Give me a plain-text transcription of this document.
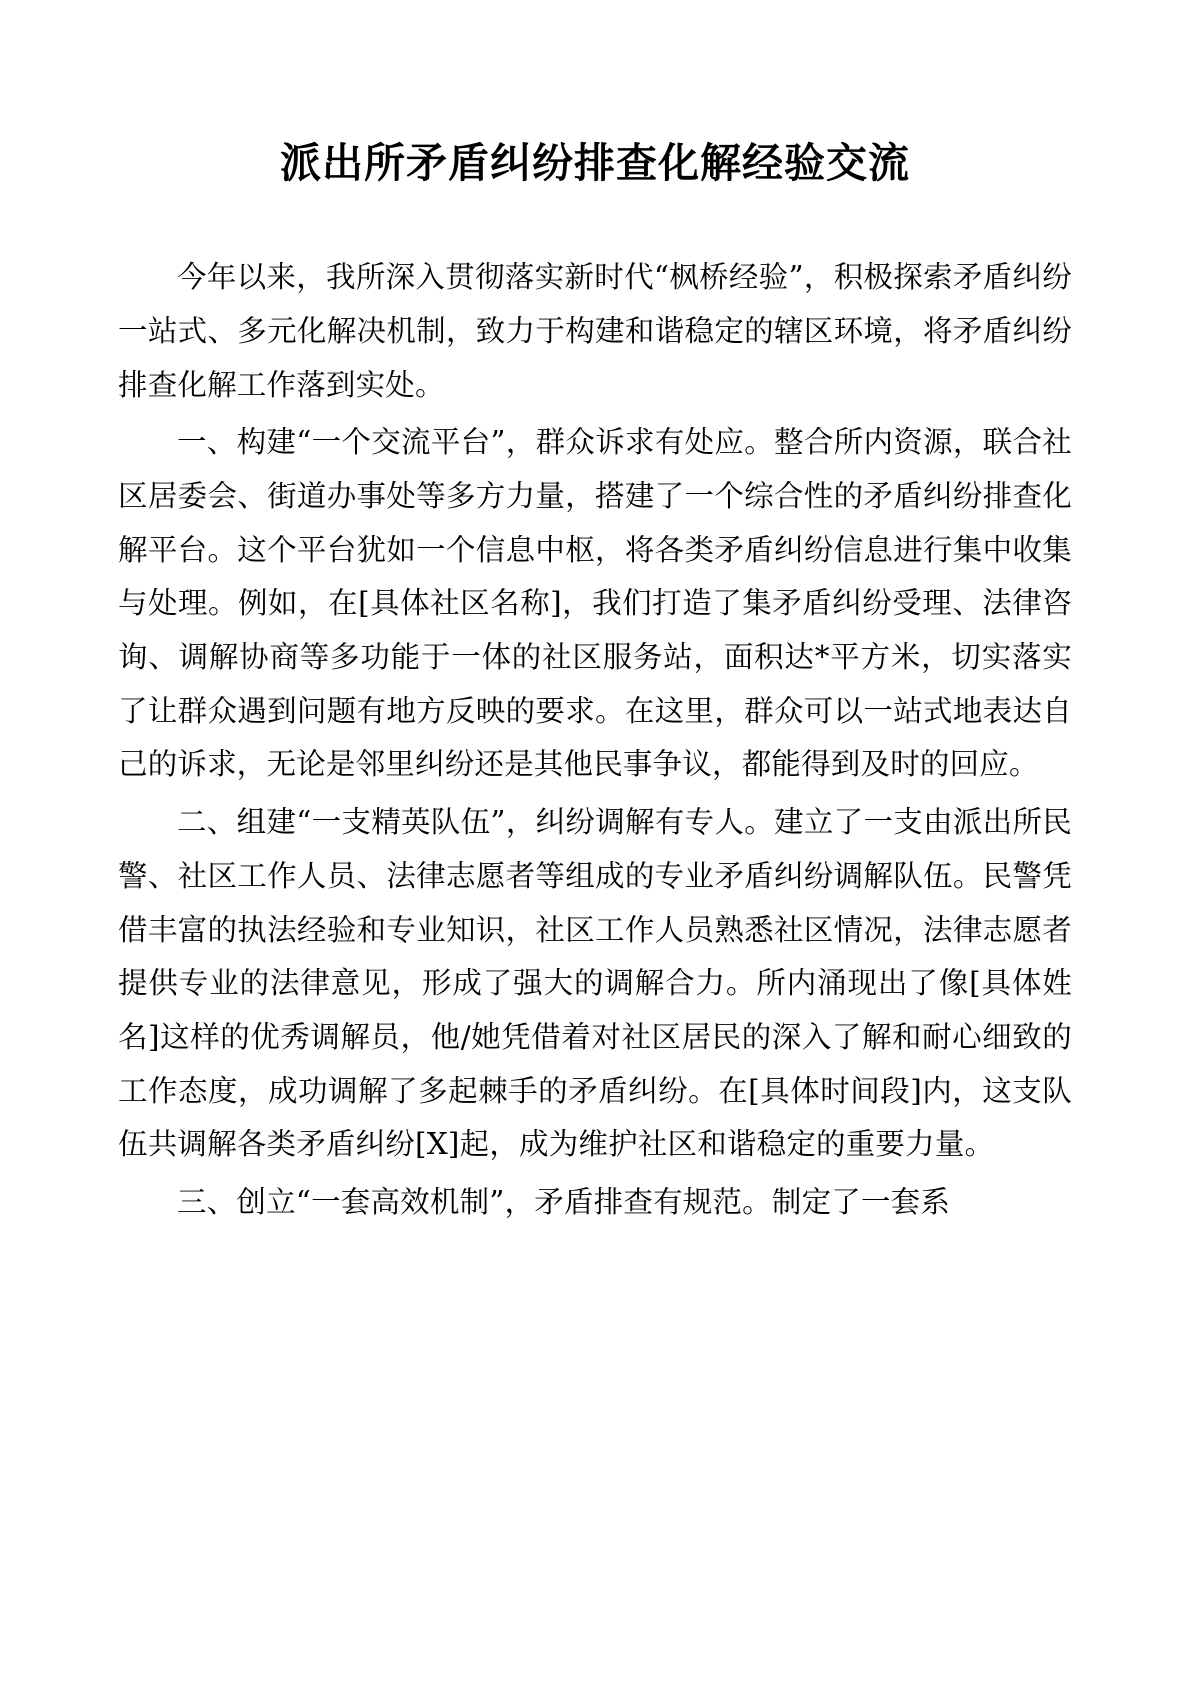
派出所矛盾纠纷排查化解经验交流

今年以来，我所深入贯彻落实新时代“枫桥经验”，积极探索矛盾纠纷一站式、多元化解决机制，致力于构建和谐稳定的辖区环境，将矛盾纠纷排查化解工作落到实处。

一、构建“一个交流平台”，群众诉求有处应。整合所内资源，联合社区居委会、街道办事处等多方力量，搭建了一个综合性的矛盾纠纷排查化解平台。这个平台犹如一个信息中枢，将各类矛盾纠纷信息进行集中收集与处理。例如，在[具体社区名称]，我们打造了集矛盾纠纷受理、法律咨询、调解协商等多功能于一体的社区服务站，面积达*平方米，切实落实了让群众遇到问题有地方反映的要求。在这里，群众可以一站式地表达自己的诉求，无论是邻里纠纷还是其他民事争议，都能得到及时的回应。

二、组建“一支精英队伍”，纠纷调解有专人。建立了一支由派出所民警、社区工作人员、法律志愿者等组成的专业矛盾纠纷调解队伍。民警凭借丰富的执法经验和专业知识，社区工作人员熟悉社区情况，法律志愿者提供专业的法律意见，形成了强大的调解合力。所内涌现出了像[具体姓名]这样的优秀调解员，他/她凭借着对社区居民的深入了解和耐心细致的工作态度，成功调解了多起棘手的矛盾纠纷。在[具体时间段]内，这支队伍共调解各类矛盾纠纷[X]起，成为维护社区和谐稳定的重要力量。

三、创立“一套高效机制”，矛盾排查有规范。制定了一套系
